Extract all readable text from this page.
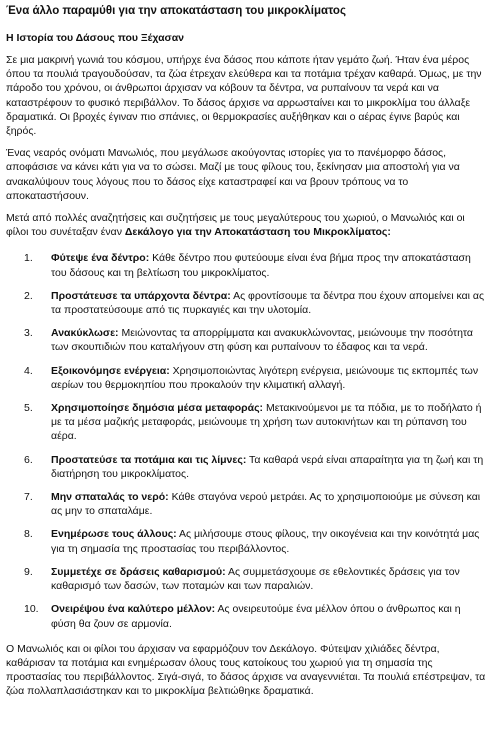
Ένα άλλο παραμύθι για την αποκατάσταση του μικροκλίματος
Η Ιστορία του Δάσους που Ξέχασαν

Σε μια μακρινή γωνιά του κόσμου, υπήρχε ένα δάσος που κάποτε ήταν γεμάτο ζωή. Ήταν ένα μέρος όπου τα πουλιά τραγουδούσαν, τα ζώα έτρεχαν ελεύθερα και τα ποτάμια τρέχαν καθαρά. Όμως, με την πάροδο του χρόνου, οι άνθρωποι άρχισαν να κόβουν τα δέντρα, να ρυπαίνουν τα νερά και να καταστρέφουν το φυσικό περιβάλλον. Το δάσος άρχισε να αρρωσταίνει και το μικροκλίμα του άλλαξε δραματικά. Οι βροχές έγιναν πιο σπάνιες, οι θερμοκρασίες αυξήθηκαν και ο αέρας έγινε βαρύς και ξηρός.

Ένας νεαρός ονόματι Μανωλιός, που μεγάλωσε ακούγοντας ιστορίες για το πανέμορφο δάσος, αποφάσισε να κάνει κάτι για να το σώσει. Μαζί με τους φίλους του, ξεκίνησαν μια αποστολή για να ανακαλύψουν τους λόγους που το δάσος είχε καταστραφεί και να βρουν τρόπους να το αποκαταστήσουν.

Μετά από πολλές αναζητήσεις και συζητήσεις με τους μεγαλύτερους του χωριού, ο Μανωλιός και οι φίλοι του συνέταξαν έναν Δεκάλογο για την Αποκατάσταση του Μικροκλίματος:

1. Φύτεψε ένα δέντρο: Κάθε δέντρο που φυτεύουμε είναι ένα βήμα προς την αποκατάσταση του δάσους και τη βελτίωση του μικροκλίματος.
2. Προστάτευσε τα υπάρχοντα δέντρα: Ας φροντίσουμε τα δέντρα που έχουν απομείνει και ας τα προστατεύσουμε από τις πυρκαγιές και την υλοτομία.
3. Ανακύκλωσε: Μειώνοντας τα απορρίμματα και ανακυκλώνοντας, μειώνουμε την ποσότητα των σκουπιδιών που καταλήγουν στη φύση και ρυπαίνουν το έδαφος και τα νερά.
4. Εξοικονόμησε ενέργεια: Χρησιμοποιώντας λιγότερη ενέργεια, μειώνουμε τις εκπομπές των αερίων του θερμοκηπίου που προκαλούν την κλιματική αλλαγή.
5. Χρησιμοποίησε δημόσια μέσα μεταφοράς: Μετακινούμενοι με τα πόδια, με το ποδήλατο ή με τα μέσα μαζικής μεταφοράς, μειώνουμε τη χρήση των αυτοκινήτων και τη ρύπανση του αέρα.
6. Προστατεύσε τα ποτάμια και τις λίμνες: Τα καθαρά νερά είναι απαραίτητα για τη ζωή και τη διατήρηση του μικροκλίματος.
7. Μην σπαταλάς το νερό: Κάθε σταγόνα νερού μετράει. Ας το χρησιμοποιούμε με σύνεση και ας μην το σπαταλάμε.
8. Ενημέρωσε τους άλλους: Ας μιλήσουμε στους φίλους, την οικογένεια και την κοινότητά μας για τη σημασία της προστασίας του περιβάλλοντος.
9. Συμμετέχε σε δράσεις καθαρισμού: Ας συμμετάσχουμε σε εθελοντικές δράσεις για τον καθαρισμό των δασών, των ποταμών και των παραλιών.
10. Ονειρέψου ένα καλύτερο μέλλον: Ας ονειρευτούμε ένα μέλλον όπου ο άνθρωπος και η φύση θα ζουν σε αρμονία.

Ο Μανωλιός και οι φίλοι του άρχισαν να εφαρμόζουν τον Δεκάλογο. Φύτεψαν χιλιάδες δέντρα, καθάρισαν τα ποτάμια και ενημέρωσαν όλους τους κατοίκους του χωριού για τη σημασία της προστασίας του περιβάλλοντος. Σιγά-σιγά, το δάσος άρχισε να αναγεννιέται. Τα πουλιά επέστρεψαν, τα ζώα πολλαπλασιάστηκαν και το μικροκλίμα βελτιώθηκε δραματικά.
